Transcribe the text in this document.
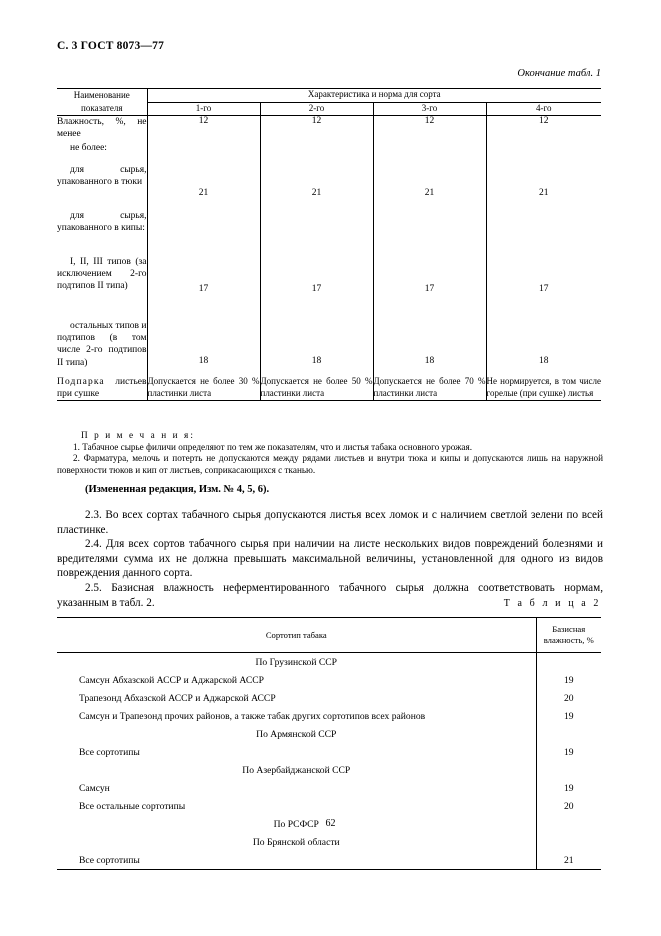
С. 3 ГОСТ 8073—77
Окончание табл. 1
Наименование показателя	Характеристика и норма для сорта			
	1-го	2-го	3-го	4-го
Влажность, %, не менее	12	12	12	12
не более:				
для сырья, упакованного в тюки	21	21	21	21
для сырья, упакованного в кипы:				
I, II, III типов (за исключением 2-го подтипов II типа)	17	17	17	17
остальных типов и подтипов (в том числе 2-го подтипов II типа)	18	18	18	18
Подпарка листьев при сушке	Допускается не более 30 % пластинки листа	Допускается не более 50 % пластинки листа	Допускается не более 70 % пластинки листа	Не нормируется, в том числе горелые (при сушке) листья
П р и м е ч а н и я:

1. Табачное сырье филичи определяют по тем же показателям, что и листья табака основного урожая.

2. Фарматура, мелочь и потерть не допускаются между рядами листьев и внутри тюка и кипы и допускаются лишь на наружной поверхности тюков и кип от листьев, соприкасающихся с тканью.

(Измененная редакция, Изм. № 4, 5, 6).

2.3. Во всех сортах табачного сырья допускаются листья всех ломок и с наличием светлой зелени по всей пластинке.

2.4. Для всех сортов табачного сырья при наличии на листе нескольких видов повреждений болезнями и вредителями сумма их не должна превышать максимальной величины, установленной для одного из видов повреждения данного сорта.

2.5. Базисная влажность неферментированного табачного сырья должна соответствовать нормам, указанным в табл. 2.	Т а б л и ц а 2
Сортотип табака	Базисная влажность, %
По Грузинской ССР	
Самсун Абхазской АССР и Аджарской АССР	19
Трапезонд Абхазской АССР и Аджарской АССР	20
Самсун и Трапезонд прочих районов, а также табак других сортотипов всех районов	19
По Армянской ССР	
Все сортотипы	19
По Азербайджанской ССР	
Самсун	19
Все остальные сортотипы	20
По РСФСР	
По Брянской области	
Все сортотипы	21
62
